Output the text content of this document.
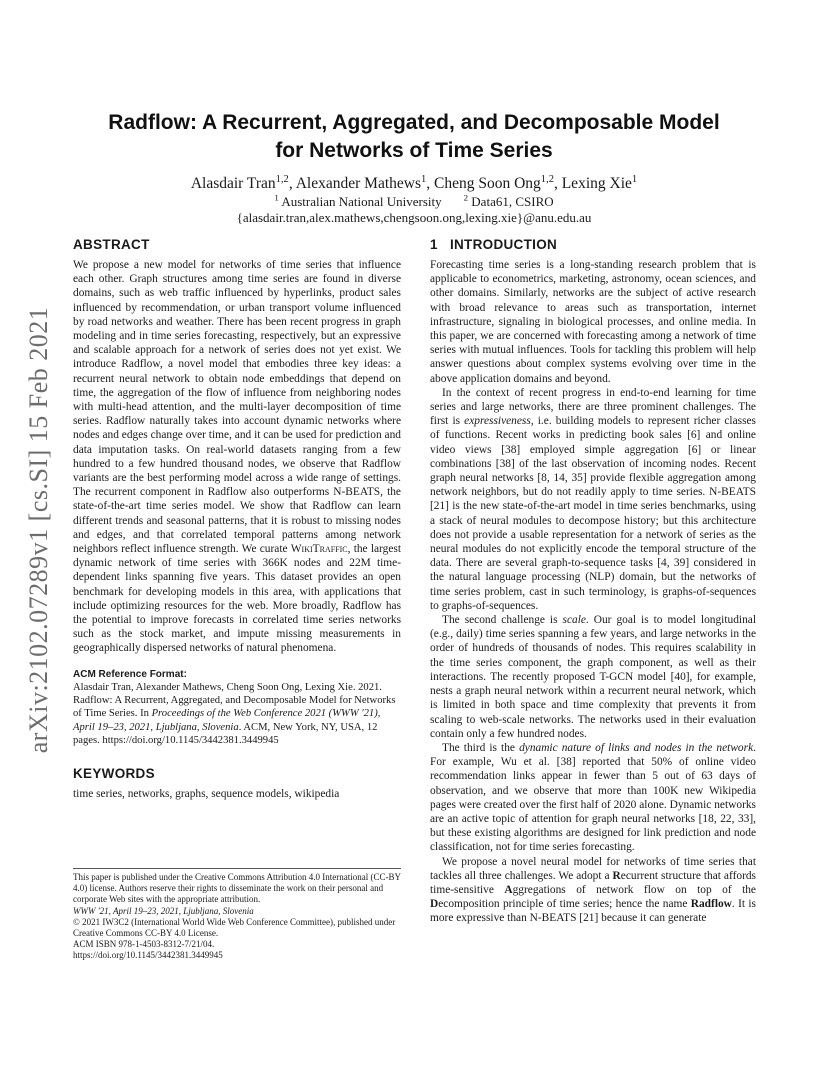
arXiv:2102.07289v1 [cs.SI] 15 Feb 2021
Radflow: A Recurrent, Aggregated, and Decomposable Model
for Networks of Time Series
Alasdair Tran$^{1,2}$, Alexander Mathews$^1$, Cheng Soon Ong$^{1,2}$, Lexing Xie$^1$
$^1$ Australian National University $^2$ Data61, CSIRO
{alasdair.tran,alex.mathews,chengsoon.ong,lexing.xie}@anu.edu.au
ABSTRACT

We propose a new model for networks of time series that influence each other. Graph structures among time series are found in diverse domains, such as web traffic influenced by hyperlinks, product sales influenced by recommendation, or urban transport volume influenced by road networks and weather. There has been recent progress in graph modeling and in time series forecasting, respectively, but an expressive and scalable approach for a network of series does not yet exist. We introduce Radflow, a novel model that embodies three key ideas: a recurrent neural network to obtain node embeddings that depend on time, the aggregation of the flow of influence from neighboring nodes with multi-head attention, and the multi-layer decomposition of time series. Radflow naturally takes into account dynamic networks where nodes and edges change over time, and it can be used for prediction and data imputation tasks. On real-world datasets ranging from a few hundred to a few hundred thousand nodes, we observe that Radflow variants are the best performing model across a wide range of settings. The recurrent component in Radflow also outperforms N-BEATS, the state-of-the-art time series model. We show that Radflow can learn different trends and seasonal patterns, that it is robust to missing nodes and edges, and that correlated temporal patterns among network neighbors reflect influence strength. We curate WikiTraffic, the largest dynamic network of time series with 366K nodes and 22M time-dependent links spanning five years. This dataset provides an open benchmark for developing models in this area, with applications that include optimizing resources for the web. More broadly, Radflow has the potential to improve forecasts in correlated time series networks such as the stock market, and impute missing measurements in geographically dispersed networks of natural phenomena.

ACM Reference Format:

Alasdair Tran, Alexander Mathews, Cheng Soon Ong, Lexing Xie. 2021. Radflow: A Recurrent, Aggregated, and Decomposable Model for Networks of Time Series. In Proceedings of the Web Conference 2021 (WWW '21), April 19–23, 2021, Ljubljana, Slovenia. ACM, New York, NY, USA, 12 pages. https://doi.org/10.1145/3442381.3449945

KEYWORDS

time series, networks, graphs, sequence models, wikipedia

This paper is published under the Creative Commons Attribution 4.0 International (CC-BY 4.0) license. Authors reserve their rights to disseminate the work on their personal and corporate Web sites with the appropriate attribution.
WWW '21, April 19–23, 2021, Ljubljana, Slovenia
© 2021 IW3C2 (International World Wide Web Conference Committee), published under Creative Commons CC-BY 4.0 License.
ACM ISBN 978-1-4503-8312-7/21/04.
https://doi.org/10.1145/3442381.3449945
1   INTRODUCTION

Forecasting time series is a long-standing research problem that is applicable to econometrics, marketing, astronomy, ocean sciences, and other domains. Similarly, networks are the subject of active research with broad relevance to areas such as transportation, internet infrastructure, signaling in biological processes, and online media. In this paper, we are concerned with forecasting among a network of time series with mutual influences. Tools for tackling this problem will help answer questions about complex systems evolving over time in the above application domains and beyond.

In the context of recent progress in end-to-end learning for time series and large networks, there are three prominent challenges. The first is expressiveness, i.e. building models to represent richer classes of functions. Recent works in predicting book sales [6] and online video views [38] employed simple aggregation [6] or linear combinations [38] of the last observation of incoming nodes. Recent graph neural networks [8, 14, 35] provide flexible aggregation among network neighbors, but do not readily apply to time series. N-BEATS [21] is the new state-of-the-art model in time series benchmarks, using a stack of neural modules to decompose history; but this architecture does not provide a usable representation for a network of series as the neural modules do not explicitly encode the temporal structure of the data. There are several graph-to-sequence tasks [4, 39] considered in the natural language processing (NLP) domain, but the networks of time series problem, cast in such terminology, is graphs-of-sequences to graphs-of-sequences.

The second challenge is scale. Our goal is to model longitudinal (e.g., daily) time series spanning a few years, and large networks in the order of hundreds of thousands of nodes. This requires scalability in the time series component, the graph component, as well as their interactions. The recently proposed T-GCN model [40], for example, nests a graph neural network within a recurrent neural network, which is limited in both space and time complexity that prevents it from scaling to web-scale networks. The networks used in their evaluation contain only a few hundred nodes.

The third is the dynamic nature of links and nodes in the network. For example, Wu et al. [38] reported that 50% of online video recommendation links appear in fewer than 5 out of 63 days of observation, and we observe that more than 100K new Wikipedia pages were created over the first half of 2020 alone. Dynamic networks are an active topic of attention for graph neural networks [18, 22, 33], but these existing algorithms are designed for link prediction and node classification, not for time series forecasting.

We propose a novel neural model for networks of time series that tackles all three challenges. We adopt a Recurrent structure that affords time-sensitive Aggregations of network flow on top of the Decomposition principle of time series; hence the name Radflow. It is more expressive than N-BEATS [21] because it can generate
